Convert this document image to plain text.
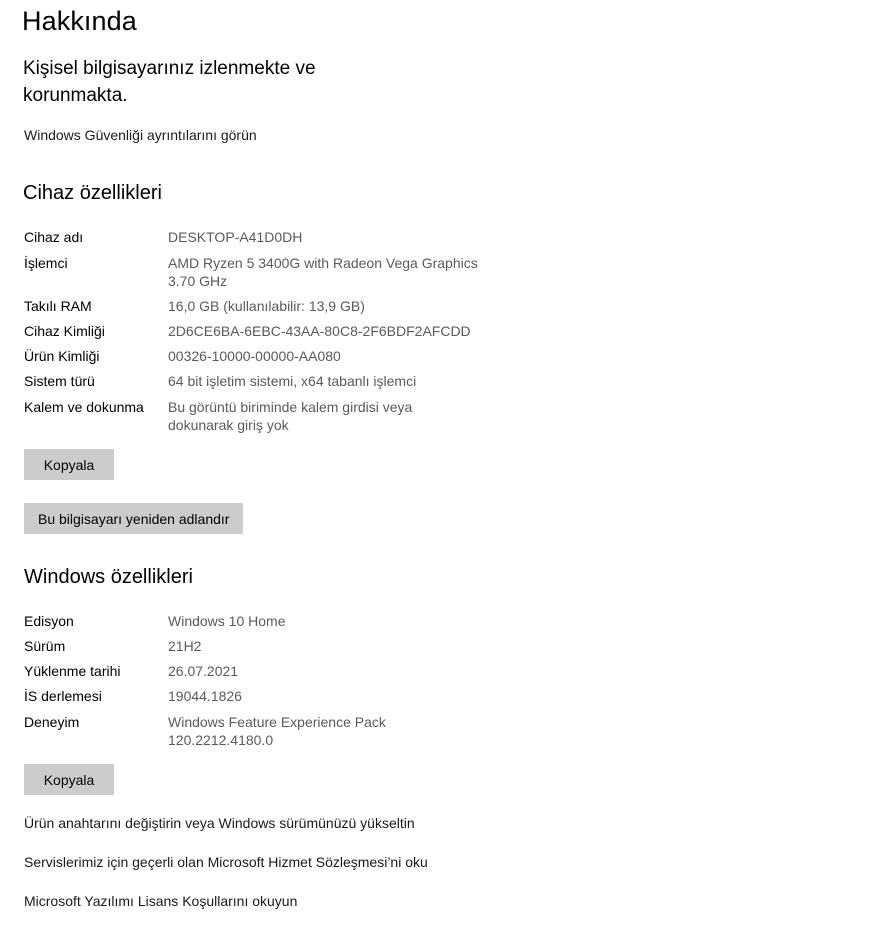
Hakkında
Kişisel bilgisayarınız izlenmekte ve korunmakta.
Windows Güvenliği ayrıntılarını görün
Cihaz özellikleri
Cihaz adı	DESKTOP-A41D0DH
İşlemci	AMD Ryzen 5 3400G with Radeon Vega Graphics
3.70 GHz
Takılı RAM	16,0 GB (kullanılabilir: 13,9 GB)
Cihaz Kimliği	2D6CE6BA-6EBC-43AA-80C8-2F6BDF2AFCDD
Ürün Kimliği	00326-10000-00000-AA080
Sistem türü	64 bit işletim sistemi, x64 tabanlı işlemci
Kalem ve dokunma	Bu görüntü biriminde kalem girdisi veya
dokunarak giriş yok
Kopyala
Bu bilgisayarı yeniden adlandır
Windows özellikleri
Edisyon	Windows 10 Home
Sürüm	21H2
Yüklenme tarihi	26.07.2021
İS derlemesi	19044.1826
Deneyim	Windows Feature Experience Pack
120.2212.4180.0
Kopyala
Ürün anahtarını değiştirin veya Windows sürümünüzü yükseltin
Servislerimiz için geçerli olan Microsoft Hizmet Sözleşmesi’ni oku
Microsoft Yazılımı Lisans Koşullarını okuyun
